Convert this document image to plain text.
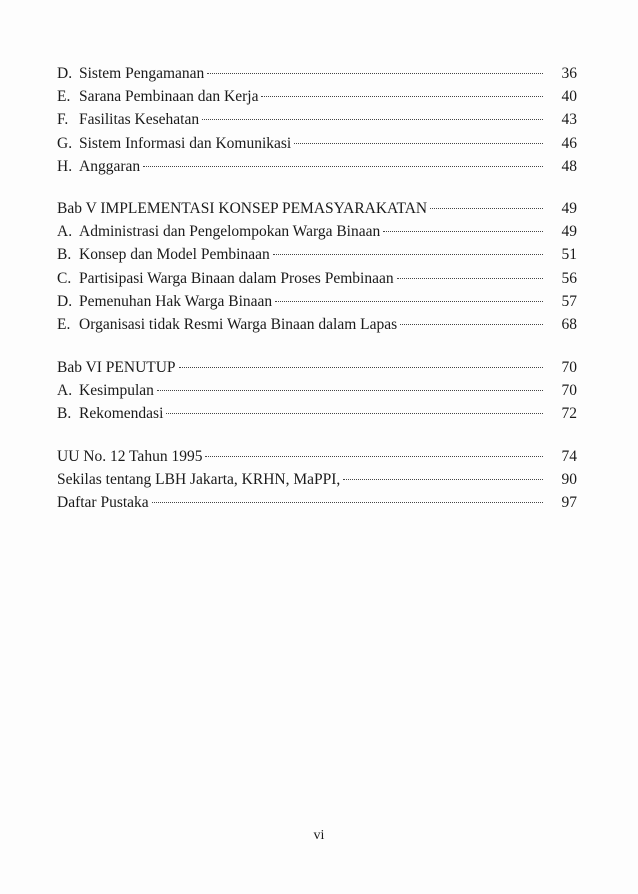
D. Sistem Pengamanan	36
E. Sarana Pembinaan dan Kerja	40
F. Fasilitas Kesehatan	43
G. Sistem Informasi dan Komunikasi	46
H. Anggaran	48
Bab V IMPLEMENTASI KONSEP PEMASYARAKATAN	49
A. Administrasi dan Pengelompokan Warga Binaan	49
B. Konsep dan Model Pembinaan	51
C. Partisipasi Warga Binaan dalam Proses Pembinaan	56
D. Pemenuhan Hak Warga Binaan	57
E. Organisasi tidak Resmi Warga Binaan dalam Lapas	68
Bab VI PENUTUP	70
A. Kesimpulan	70
B. Rekomendasi	72
UU No. 12 Tahun 1995	74
Sekilas tentang LBH Jakarta, KRHN, MaPPI,	90
Daftar Pustaka	97
vi
